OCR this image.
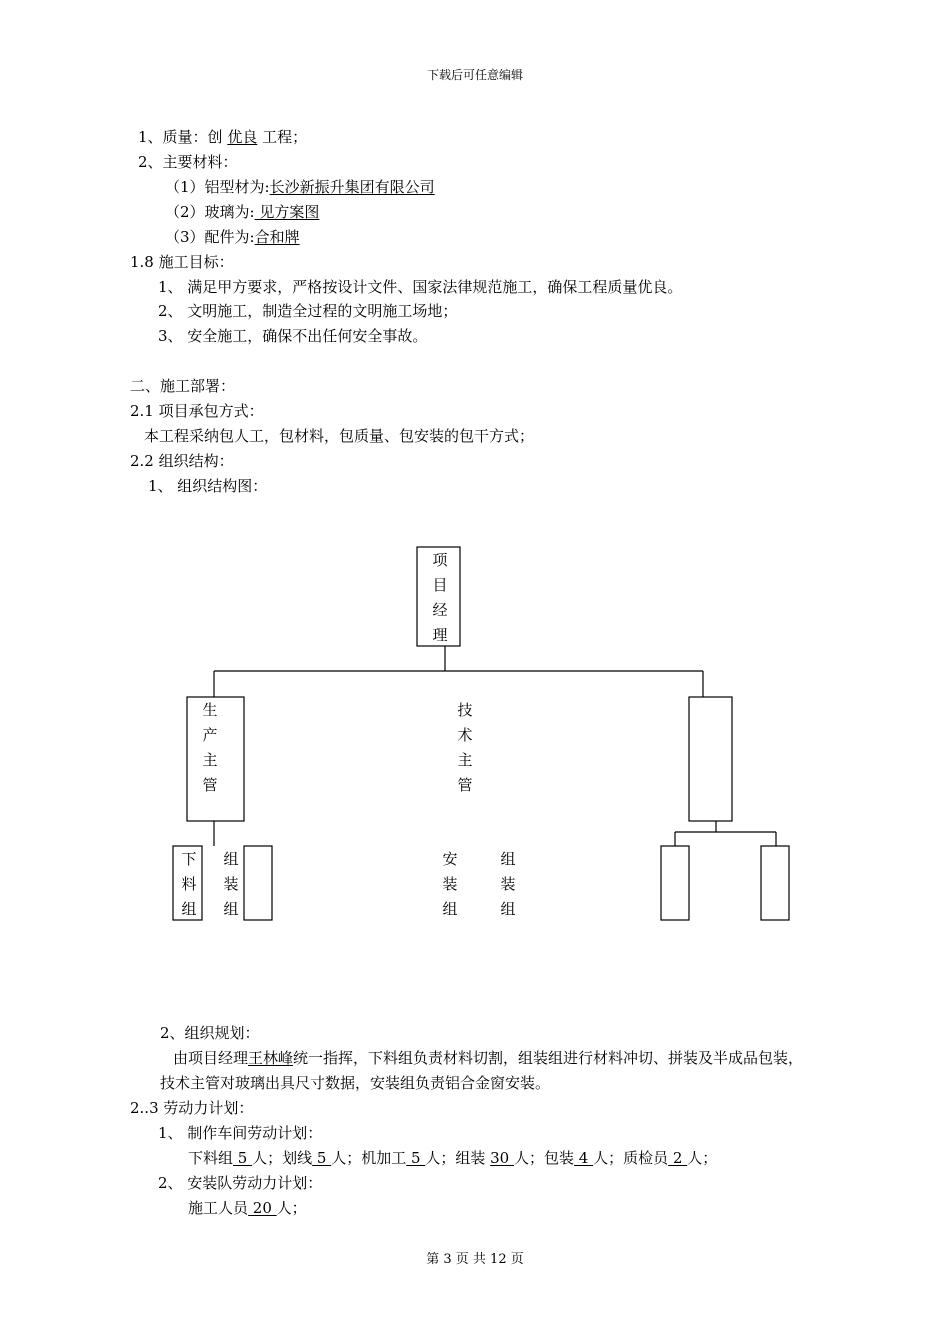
下载后可任意编辑
1、质量：创 优良 工程；
2、主要材料：
（1）铝型材为:长沙新振升集团有限公司
（2）玻璃为: 见方案图
（3）配件为:合和牌
1.8 施工目标：
1、 满足甲方要求，严格按设计文件、国家法律规范施工，确保工程质量优良。
2、 文明施工，制造全过程的文明施工场地；
3、 安全施工，确保不出任何安全事故。
二、施工部署：
2.1 项目承包方式：
本工程采纳包人工，包材料，包质量、包安装的包干方式；
2.2 组织结构：
1、 组织结构图：
项
目
经
理
生
产
主
管
技
术
主
管
下
料
组
组
装
组
安
装
组
组
装
组
2、组织规划：
由项目经理王林峰统一指挥，下料组负责材料切割，组装组进行材料冲切、拼装及半成品包装，
技术主管对玻璃出具尺寸数据，安装组负责铝合金窗安装。
2..3 劳动力计划：
1、 制作车间劳动计划：
下料组 5 人；划线 5 人；机加工 5 人；组装 30 人；包装 4 人；质检员 2 人；
2、 安装队劳动力计划：
施工人员 20 人；
第 3 页 共 12 页
